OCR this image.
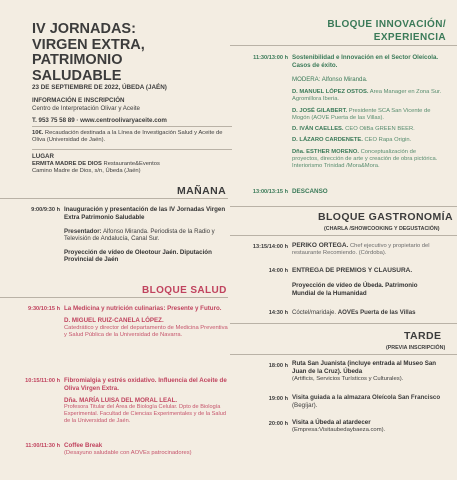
IV JORNADAS:
VIRGEN EXTRA,
PATRIMONIO
SALUDABLE
23 DE SEPTIEMBRE DE 2022, ÚBEDA (JAÉN)

INFORMACIÓN E INSCRIPCIÓN

Centro de Interpretación Olivar y Aceite

T. 953 75 58 89 · www.centroolivaryaceite.com

10€. Recaudación destinada a la Línea de Investigación Salud y Aceite de Oliva (Universidad de Jaén).

LUGAR

ERMITA MADRE DE DIOS Restaurante&Eventos

Camino Madre de Dios, s/n, Úbeda (Jaén)

MAÑANA
9:00/9:30 h Inauguración y presentación de las IV Jornadas Virgen Extra Patrimonio Saludable

Presentador: Alfonso Miranda. Periodista de la Radio y Televisión de Andalucía, Canal Sur.

Proyección de vídeo de Oleotour Jaén. Diputación Provincial de Jaén

BLOQUE SALUD
9:30/10:15 h La Medicina y nutrición culinarias: Presente y Futuro.

D. MIGUEL RUIZ-CANELA LÓPEZ.

Catedrático y director del departamento de Medicina Preventiva y Salud Pública de la Universidad de Navarra.

10:15/11:00 h Fibromialgia y estrés oxidativo. Influencia del Aceite de Oliva Virgen Extra.

Dña. MARÍA LUISA DEL MORAL LEAL.

Profesora Titular del Área de Biología Celular. Dpto de Biología Experimental. Facultad de Ciencias Experimentales y de la Salud de la Universidad de Jaén.

11:00/11:30 h Coffee Break

(Desayuno saludable con AOVEs patrocinadores)

BLOQUE INNOVACIÓN/
EXPERIENCIA
11:30/13:00 h Sostenibilidad e Innovación en el Sector Oleícola. Casos de éxito.

MODERA: Alfonso Miranda.

D. MANUEL LÓPEZ OSTOS. Area Manager en Zona Sur. Agromillora Iberia.

D. JOSÉ GILABERT. Presidente SCA San Vicente de Mogón (AOVE Puerta de las Villas).

D. IVÁN CAELLES. CEO OliBa GREEN BEER.

D. LÁZARO CARDENETE. CEO Rapa Origin.

Dña. ESTHER MORENO. Conceptualización de proyectos, dirección de arte y creación de obra pictórica. Interiorismo Trinidad /Mora&Mora.

13:00/13:15 h DESCANSO
BLOQUE GASTRONOMÍA
(CHARLA /SHOWCOOKING Y DEGUSTACIÓN)
13:15/14:00 h PERIKO ORTEGA. Chef ejecutivo y propietario del restaurante Recomiendo. (Córdoba).

14:00 h ENTREGA DE PREMIOS Y CLAUSURA.

Proyección de vídeo de Úbeda. Patrimonio Mundial de la Humanidad

14:30 h Cóctel/maridaje. AOVEs Puerta de las Villas

TARDE
(PREVIA INSCRIPCIÓN)
18:00 h Ruta San Juanista (incluye entrada al Museo San Juan de la Cruz). Úbeda

(Artificis, Servicios Turísticos y Culturales).

19:00 h Visita guiada a la almazara Oleícola San Francisco (Begíjar).

20:00 h Visita a Úbeda al atardecer

(Empresa:Visitaubedaybaeza.com).
